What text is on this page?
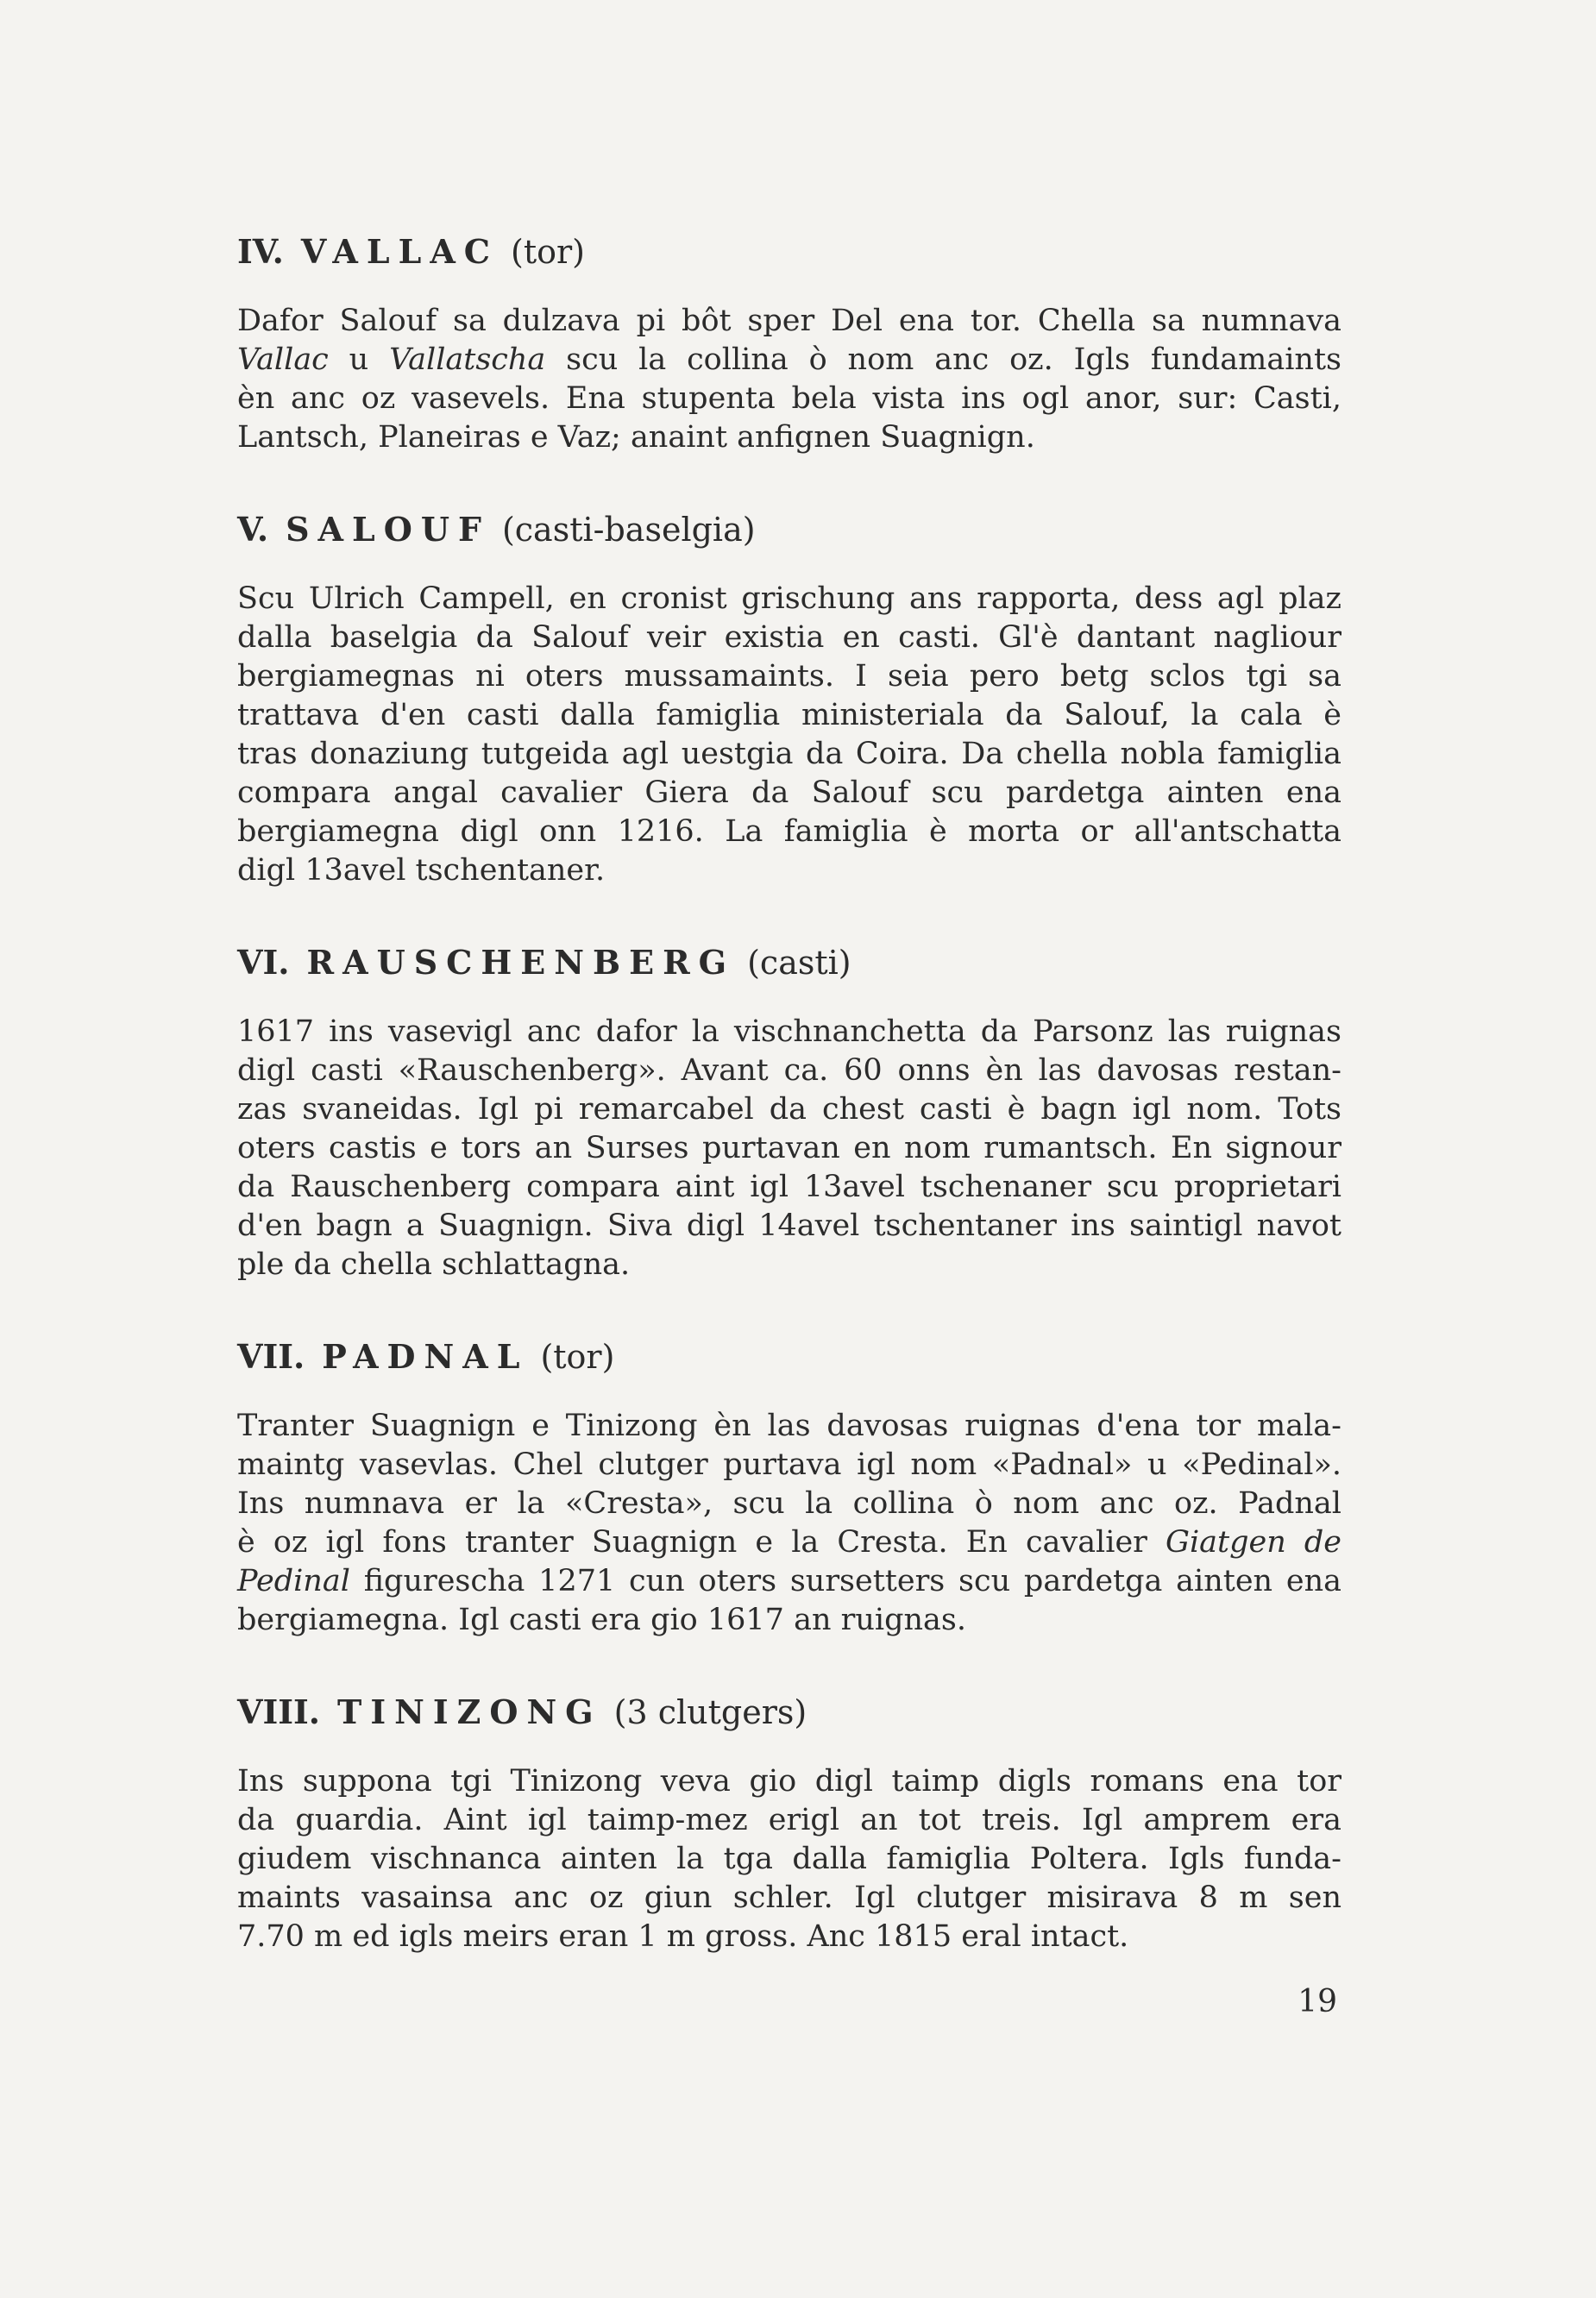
IV. VALLAC (tor)

Dafor Salouf sa dulzava pi bôt sper Del ena tor. Chella sa numnava
Vallac u Vallatscha scu la collina ò nom anc oz. Igls fundamaints
èn anc oz vasevels. Ena stupenta bela vista ins ogl anor, sur: Casti,
Lantsch, Planeiras e Vaz; anaint anfignen Suagnign.

V. SALOUF (casti-baselgia)

Scu Ulrich Campell, en cronist grischung ans rapporta, dess agl plaz
dalla baselgia da Salouf veir existia en casti. Gl'è dantant nagliour
bergiamegnas ni oters mussamaints. I seia pero betg sclos tgi sa
trattava d'en casti dalla famiglia ministeriala da Salouf, la cala è
tras donaziung tutgeida agl uestgia da Coira. Da chella nobla famiglia
compara angal cavalier Giera da Salouf scu pardetga ainten ena
bergiamegna digl onn 1216. La famiglia è morta or all'antschatta
digl 13avel tschentaner.

VI. RAUSCHENBERG (casti)

1617 ins vasevigl anc dafor la vischnanchetta da Parsonz las ruignas
digl casti «Rauschenberg». Avant ca. 60 onns èn las davosas restan-
zas svaneidas. Igl pi remarcabel da chest casti è bagn igl nom. Tots
oters castis e tors an Surses purtavan en nom rumantsch. En signour
da Rauschenberg compara aint igl 13avel tschenaner scu proprietari
d'en bagn a Suagnign. Siva digl 14avel tschentaner ins saintigl navot
ple da chella schlattagna.

VII. PADNAL (tor)

Tranter Suagnign e Tinizong èn las davosas ruignas d'ena tor mala-
maintg vasevlas. Chel clutger purtava igl nom «Padnal» u «Pedinal».
Ins numnava er la «Cresta», scu la collina ò nom anc oz. Padnal
è oz igl fons tranter Suagnign e la Cresta. En cavalier Giatgen de
Pedinal figurescha 1271 cun oters sursetters scu pardetga ainten ena
bergiamegna. Igl casti era gio 1617 an ruignas.

VIII. TINIZONG (3 clutgers)

Ins suppona tgi Tinizong veva gio digl taimp digls romans ena tor
da guardia. Aint igl taimp-mez erigl an tot treis. Igl amprem era
giudem vischnanca ainten la tga dalla famiglia Poltera. Igls funda-
maints vasainsa anc oz giun schler. Igl clutger misirava 8 m sen
7.70 m ed igls meirs eran 1 m gross. Anc 1815 eral intact.

19
